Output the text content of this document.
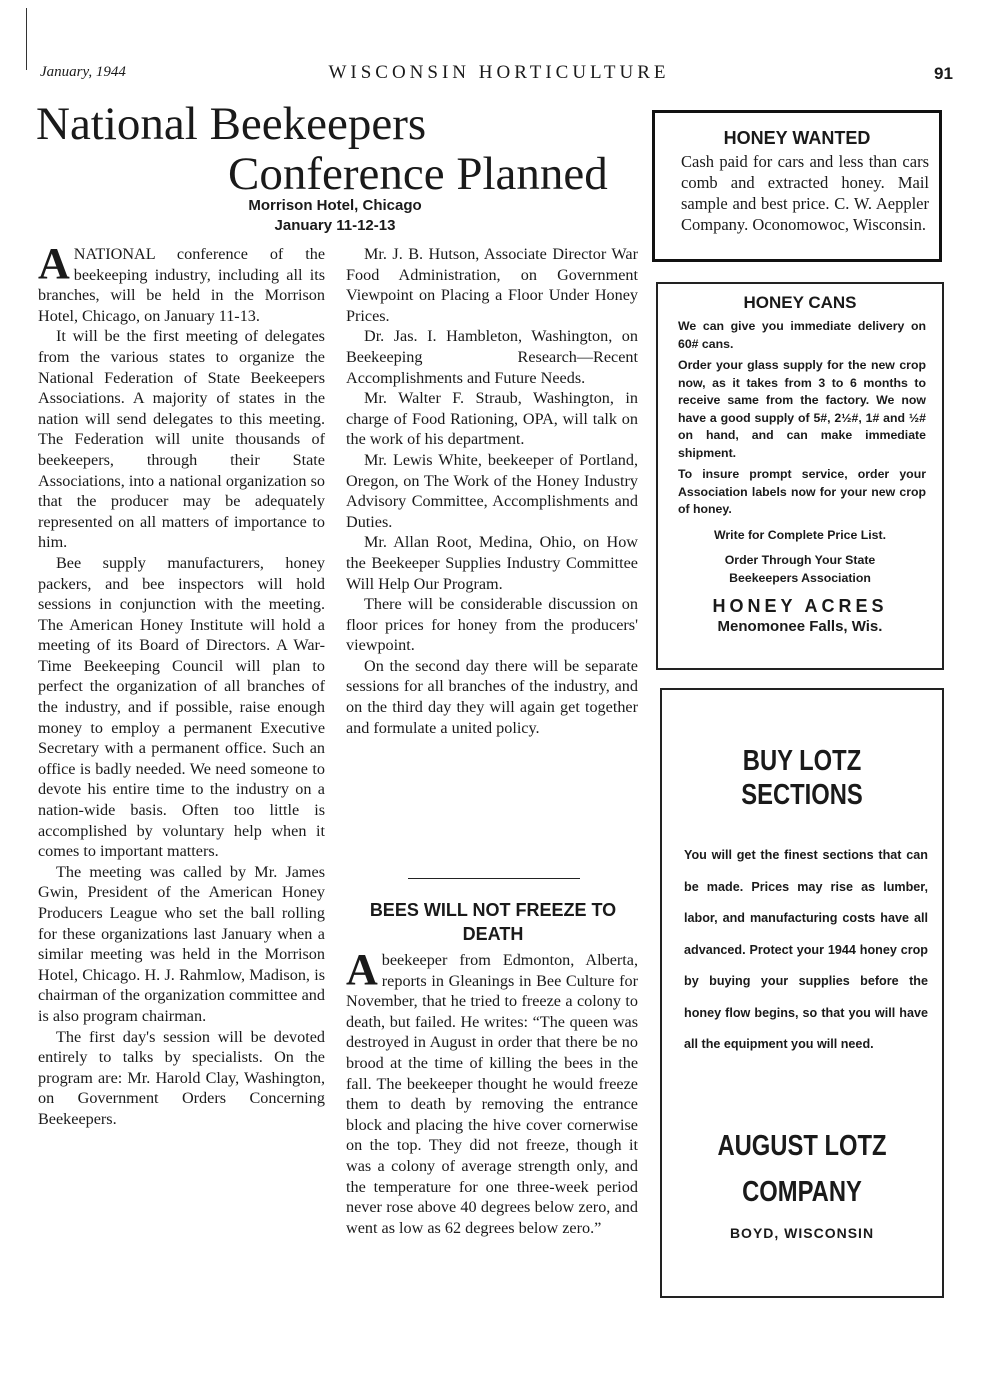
January, 1944	WISCONSIN HORTICULTURE	91
National Beekeepers
Conference Planned
Morrison Hotel, Chicago
January 11-12-13

A NATIONAL conference of the beekeeping industry, including all its branches, will be held in the Morrison Hotel, Chicago, on January 11-13.

It will be the first meeting of delegates from the various states to organize the National Federation of State Beekeepers Associations. A majority of states in the nation will send delegates to this meeting. The Federation will unite thousands of beekeepers, through their State Associations, into a national organization so that the producer may be adequately represented on all matters of importance to him.

Bee supply manufacturers, honey packers, and bee inspectors will hold sessions in conjunction with the meeting. The American Honey Institute will hold a meeting of its Board of Directors. A War-Time Beekeeping Council will plan to perfect the organization of all branches of the industry, and if possible, raise enough money to employ a permanent Executive Secretary with a permanent office. Such an office is badly needed. We need someone to devote his entire time to the industry on a nation-wide basis. Often too little is accomplished by voluntary help when it comes to important matters.

The meeting was called by Mr. James Gwin, President of the American Honey Producers League who set the ball rolling for these organizations last January when a similar meeting was held in the Morrison Hotel, Chicago. H. J. Rahmlow, Madison, is chairman of the organization committee and is also program chairman.

The first day's session will be devoted entirely to talks by specialists. On the program are: Mr. Harold Clay, Washington, on Government Orders Concerning Beekeepers.

Mr. J. B. Hutson, Associate Director War Food Administration, on Government Viewpoint on Placing a Floor Under Honey Prices.

Dr. Jas. I. Hambleton, Washington, on Beekeeping Research—Recent Accomplishments and Future Needs.

Mr. Walter F. Straub, Washington, in charge of Food Rationing, OPA, will talk on the work of his department.

Mr. Lewis White, beekeeper of Portland, Oregon, on The Work of the Honey Industry Advisory Committee, Accomplishments and Duties.

Mr. Allan Root, Medina, Ohio, on How the Beekeeper Supplies Industry Committee Will Help Our Program.

There will be considerable discussion on floor prices for honey from the producers' viewpoint.

On the second day there will be separate sessions for all branches of the industry, and on the third day they will again get together and formulate a united policy.

BEES WILL NOT FREEZE TO DEATH

A beekeeper from Edmonton, Alberta, reports in Gleanings in Bee Culture for November, that he tried to freeze a colony to death, but failed. He writes: “The queen was destroyed in August in order that there be no brood at the time of killing the bees in the fall. The beekeeper thought he would freeze them to death by removing the entrance block and placing the hive cover cornerwise on the top. They did not freeze, though it was a colony of average strength only, and the temperature for one three-week period never rose above 40 degrees below zero, and went as low as 62 degrees below zero.”

HONEY WANTED
Cash paid for cars and less than cars comb and extracted honey. Mail sample and best price. C. W. Aeppler Company. Oconomowoc, Wisconsin.
HONEY CANS
We can give you immediate delivery on 60# cans.
Order your glass supply for the new crop now, as it takes from 3 to 6 months to receive same from the factory. We now have a good supply of 5#, 2½#, 1# and ½# on hand, and can make immediate shipment.
To insure prompt service, order your Association labels now for your new crop of honey.
Write for Complete Price List.
Order Through Your State Beekeepers Association
HONEY ACRES
Menomonee Falls, Wis.
BUY LOTZ SECTIONS
You will get the finest sections that can be made. Prices may rise as lumber, labor, and manufacturing costs have all advanced. Protect your 1944 honey crop by buying your supplies before the honey flow begins, so that you will have all the equipment you will need.
AUGUST LOTZ
COMPANY
BOYD, WISCONSIN
